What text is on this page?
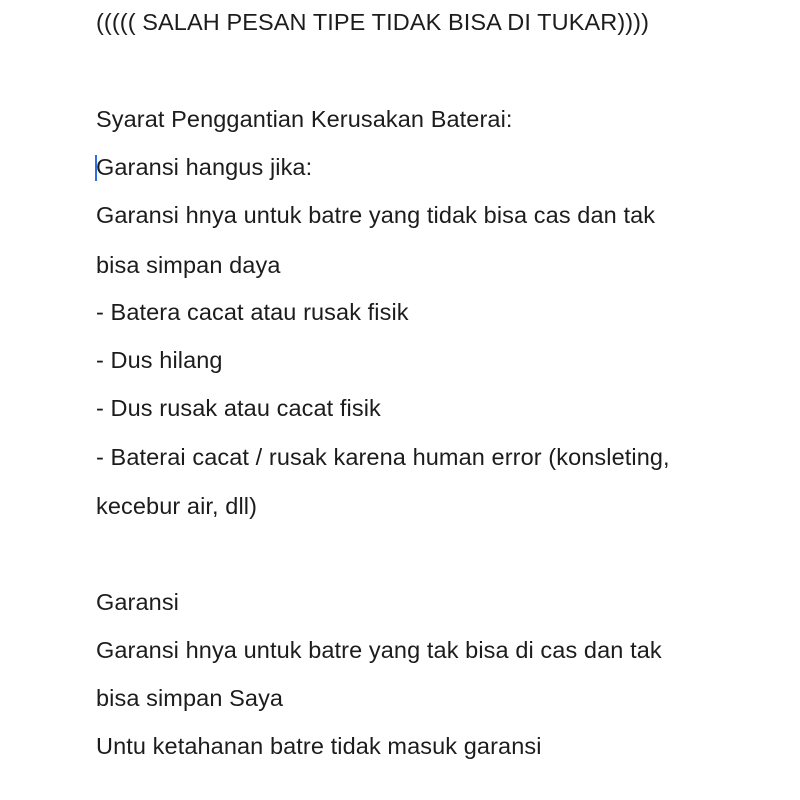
((((( SALAH PESAN TIPE TIDAK BISA DI TUKAR))))
Syarat Penggantian Kerusakan Baterai:
Garansi hangus jika:
Garansi hnya untuk batre yang tidak bisa cas dan tak
bisa simpan daya
- Batera cacat atau rusak fisik
- Dus hilang
- Dus rusak atau cacat fisik
- Baterai cacat / rusak karena human error (konsleting,
kecebur air, dll)
Garansi
Garansi hnya untuk batre yang tak bisa di cas dan tak
bisa simpan Saya
Untu ketahanan batre tidak masuk garansi
